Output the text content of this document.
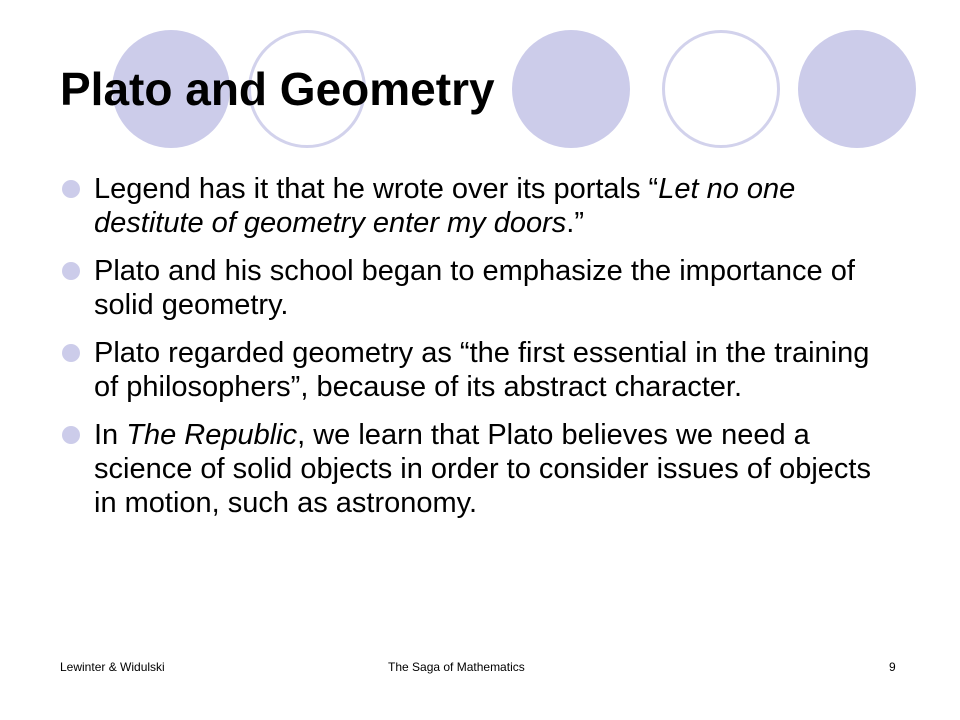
Plato and Geometry
Legend has it that he wrote over its portals “Let no one destitute of geometry enter my doors.”
Plato and his school began to emphasize the importance of solid geometry.
Plato regarded geometry as “the first essential in the training of philosophers”, because of its abstract character.
In The Republic, we learn that Plato believes we need a science of solid objects in order to consider issues of objects in motion, such as astronomy.
Lewinter & Widulski	The Saga of Mathematics	9
